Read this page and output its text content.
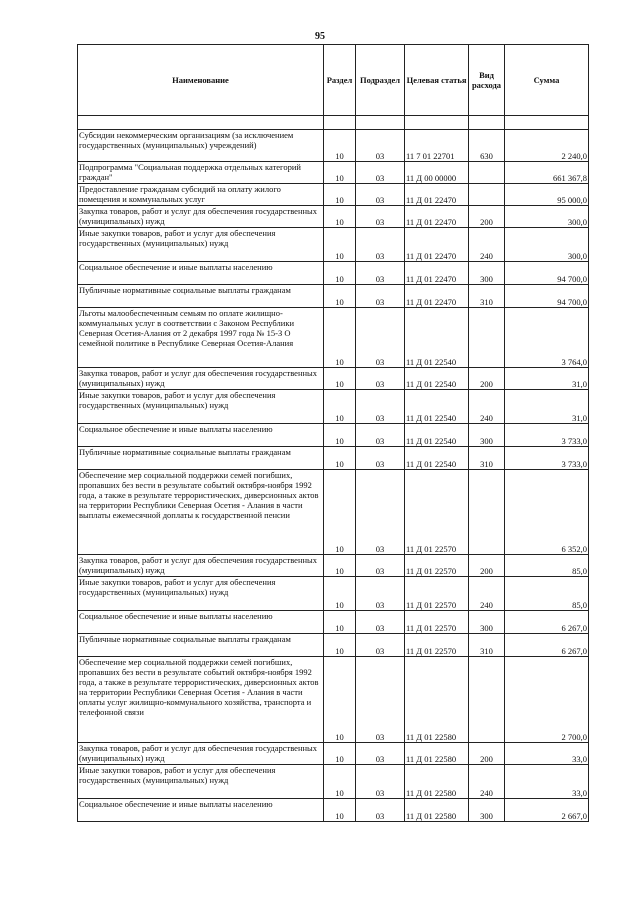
95
Наименование	Раздел	Подраздел	Целевая статья	Вид расхода	Сумма

Субсидии некоммерческим организациям (за исключением государственных (муниципальных) учреждений)	10	03	11 7 01 22701	630	2 240,0
Подпрограмма "Социальная поддержка отдельных категорий граждан"	10	03	11 Д 00 00000		661 367,8
Предоставление гражданам субсидий на оплату жилого помещения и коммунальных услуг	10	03	11 Д 01 22470		95 000,0
Закупка товаров, работ и услуг для обеспечения государственных (муниципальных) нужд	10	03	11 Д 01 22470	200	300,0
Иные закупки товаров, работ и услуг для обеспечения государственных (муниципальных) нужд	10	03	11 Д 01 22470	240	300,0
Социальное обеспечение и иные выплаты населению	10	03	11 Д 01 22470	300	94 700,0
Публичные нормативные социальные выплаты гражданам	10	03	11 Д 01 22470	310	94 700,0
Льготы малообеспеченным семьям по оплате жилищно-коммунальных услуг в соответствии с Законом Республики Северная Осетия-Алания от 2 декабря 1997 года № 15-З О семейной политике в Республике Северная Осетия-Алания	10	03	11 Д 01 22540		3 764,0
Закупка товаров, работ и услуг для обеспечения государственных (муниципальных) нужд	10	03	11 Д 01 22540	200	31,0
Иные закупки товаров, работ и услуг для обеспечения государственных (муниципальных) нужд	10	03	11 Д 01 22540	240	31,0
Социальное обеспечение и иные выплаты населению	10	03	11 Д 01 22540	300	3 733,0
Публичные нормативные социальные выплаты гражданам	10	03	11 Д 01 22540	310	3 733,0
Обеспечение мер социальной поддержки семей погибших, пропавших без вести в результате событий октября-ноября 1992 года, а также в результате террористических, диверсионных актов на территории Республики Северная Осетия - Алания в части выплаты ежемесячной доплаты к государственной пенсии	10	03	11 Д 01 22570		6 352,0
Закупка товаров, работ и услуг для обеспечения государственных (муниципальных) нужд	10	03	11 Д 01 22570	200	85,0
Иные закупки товаров, работ и услуг для обеспечения государственных (муниципальных) нужд	10	03	11 Д 01 22570	240	85,0
Социальное обеспечение и иные выплаты населению	10	03	11 Д 01 22570	300	6 267,0
Публичные нормативные социальные выплаты гражданам	10	03	11 Д 01 22570	310	6 267,0
Обеспечение мер социальной поддержки семей погибших, пропавших без вести в результате событий октября-ноября 1992 года, а также в результате террористических, диверсионных актов на территории Республики Северная Осетия - Алания в части оплаты услуг жилищно-коммунального хозяйства, транспорта и телефонной связи	10	03	11 Д 01 22580		2 700,0
Закупка товаров, работ и услуг для обеспечения государственных (муниципальных) нужд	10	03	11 Д 01 22580	200	33,0
Иные закупки товаров, работ и услуг для обеспечения государственных (муниципальных) нужд	10	03	11 Д 01 22580	240	33,0
Социальное обеспечение и иные выплаты населению	10	03	11 Д 01 22580	300	2 667,0
